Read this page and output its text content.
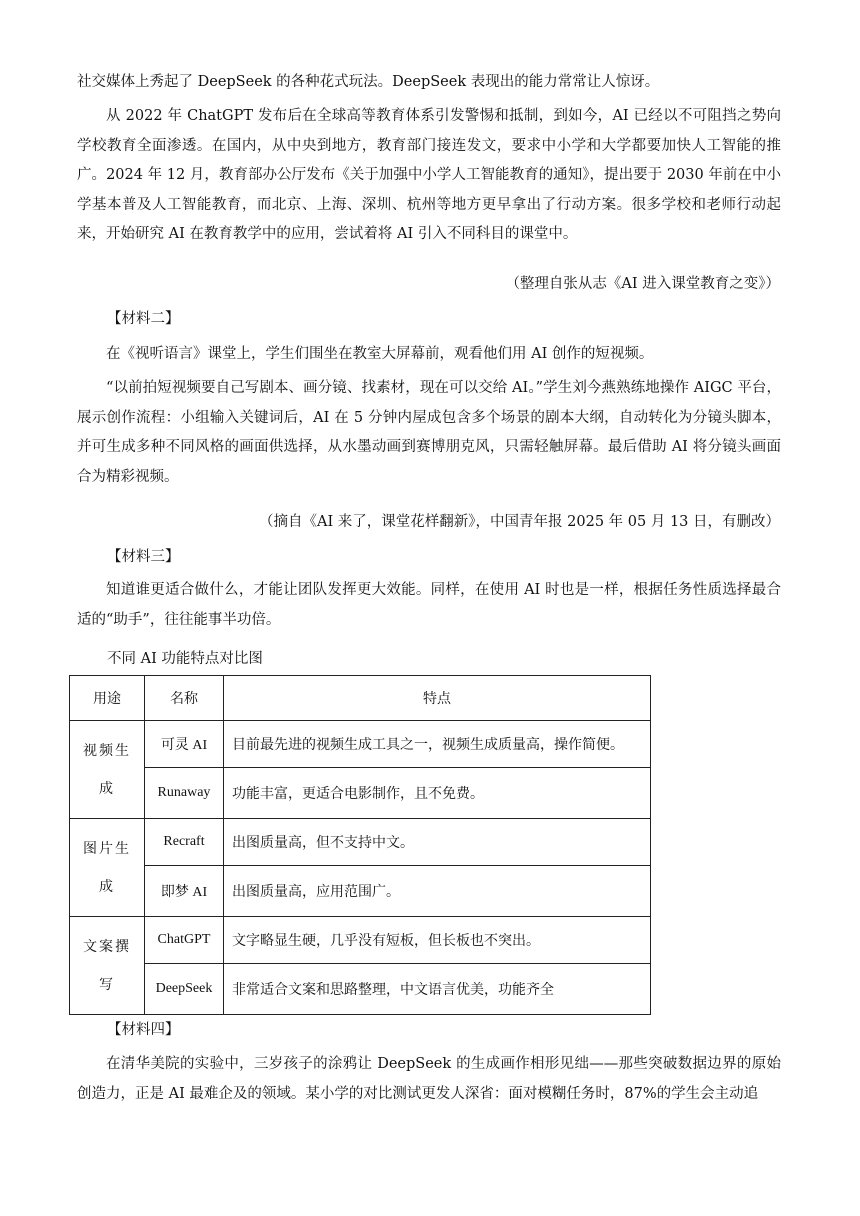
社交媒体上秀起了 DeepSeek 的各种花式玩法。DeepSeek 表现出的能力常常让人惊讶。

从 2022 年 ChatGPT 发布后在全球高等教育体系引发警惕和抵制，到如今，AI 已经以不可阻挡之势向学校教育全面渗透。在国内，从中央到地方，教育部门接连发文，要求中小学和大学都要加快人工智能的推广。2024 年 12 月，教育部办公厅发布《关于加强中小学人工智能教育的通知》，提出要于 2030 年前在中小学基本普及人工智能教育，而北京、上海、深圳、杭州等地方更早拿出了行动方案。很多学校和老师行动起来，开始研究 AI 在教育教学中的应用，尝试着将 AI 引入不同科目的课堂中。

（整理自张从志《AI 进入课堂教育之变》）

【材料二】

在《视听语言》课堂上，学生们围坐在教室大屏幕前，观看他们用 AI 创作的短视频。

“以前拍短视频要自己写剧本、画分镜、找素材，现在可以交给 AI。”学生刘今燕熟练地操作 AIGC 平台，展示创作流程：小组输入关键词后，AI 在 5 分钟内屋成包含多个场景的剧本大纲，自动转化为分镜头脚本，并可生成多种不同风格的画面供选择，从水墨动画到赛博朋克风，只需轻触屏幕。最后借助 AI 将分镜头画面合为精彩视频。

（摘自《AI 来了，课堂花样翻新》，中国青年报 2025 年 05 月 13 日，有删改）

【材料三】

知道谁更适合做什么，才能让团队发挥更大效能。同样，在使用 AI 时也是一样，根据任务性质选择最合适的“助手”，往往能事半功倍。

不同 AI 功能特点对比图

用途	名称	特点
视频生成	可灵 AI	目前最先进的视频生成工具之一，视频生成质量高，操作简便。
	Runaway	功能丰富，更适合电影制作，且不免费。
图片生成	Recraft	出图质量高，但不支持中文。
	即梦 AI	出图质量高，应用范围广。
文案撰写	ChatGPT	文字略显生硬，几乎没有短板，但长板也不突出。
	DeepSeek	非常适合文案和思路整理，中文语言优美，功能齐全

【材料四】

在清华美院的实验中，三岁孩子的涂鸦让 DeepSeek 的生成画作相形见绌——那些突破数据边界的原始创造力，正是 AI 最难企及的领域。某小学的对比测试更发人深省：面对模糊任务时，87%的学生会主动追
